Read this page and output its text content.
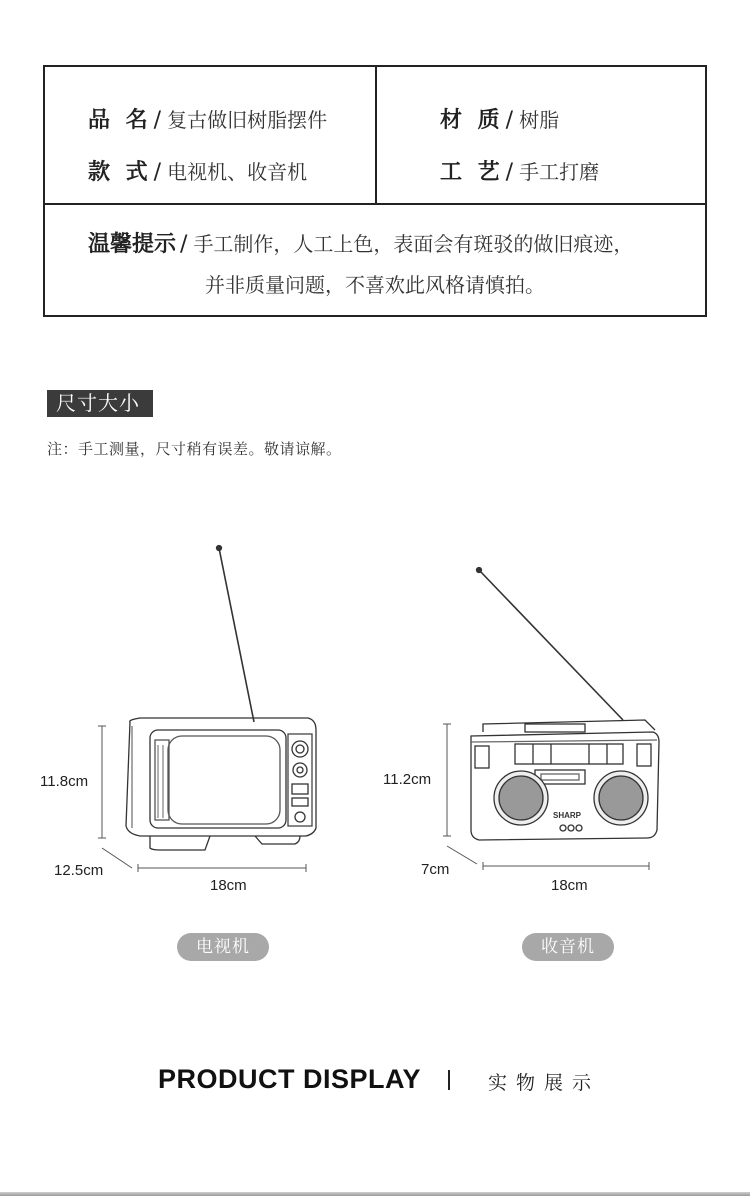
品 名 / 复古做旧树脂摆件
款 式 / 电视机、收音机
材 质 / 树脂
工 艺 / 手工打磨
温馨提示 / 手工制作，人工上色，表面会有斑驳的做旧痕迹，
并非质量问题，不喜欢此风格请慎拍。
尺寸大小
注：手工测量，尺寸稍有误差。敬请谅解。
11.8cm
12.5cm
18cm
电视机
SHARP
11.2cm
7cm
18cm
收音机
PRODUCT DISPLAY	实物展示
